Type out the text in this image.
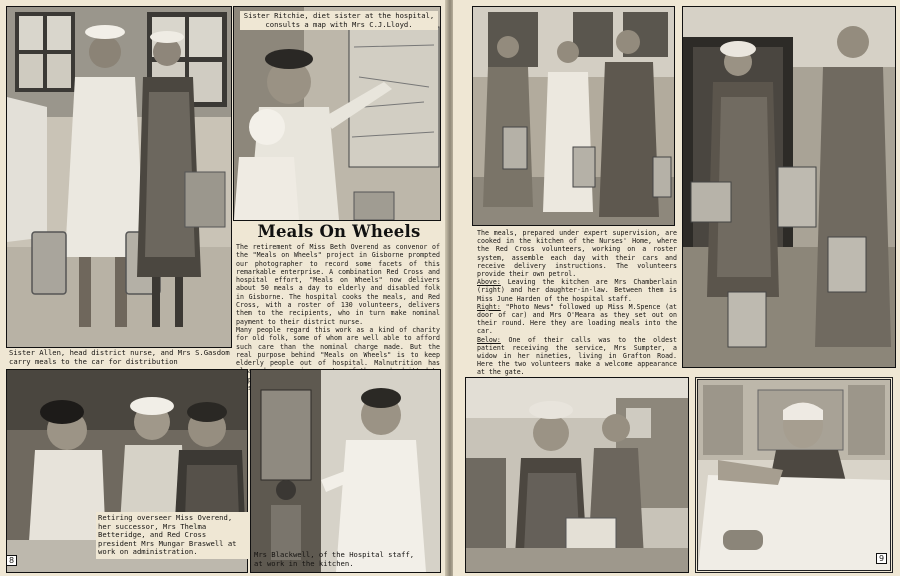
Meals On Wheels

The retirement of Miss Beth Overend as convenor of the "Meals on Wheels" project in Gisborne prompted our photographer to record some facets of this remarkable enterprise. A combination Red Cross and hospital effort, "Meals on Wheels" now delivers about 50 meals a day to elderly and disabled folk in Gisborne. The hospital cooks the meals, and Red Cross, with a roster of 130 volunteers, delivers them to the recipients, who in turn make nominal payment to their district nurse.

Many people regard this work as a kind of charity for old folk, some of whom are well able to afford such care than the nominal charge made. But the real purpose behind "Meals on Wheels" is to keep elderly people out of hospital. Malnutrition has always

Retiring overseer Miss Overend, her successor, Mrs Thelma Betteridge, and Red Cross president Mrs Mungar Braswell at work on administration.	Mrs Blackwell, of the Hospital staff, at work in the kitchen.
Sister Allen, head district nurse, and Mrs S.Gasdom carry meals to the car for distribution
Sister Ritchie, diet sister at the hospital, consults a map with Mrs C.J.Lloyd.
8

The meals, prepared under expert supervision, are cooked in the kitchen of the Nurses' Home, where the Red Cross volunteers, working on a roster system, assemble each day with their cars and receive delivery instructions. The volunteers provide their own petrol.

Above: Leaving the kitchen are Mrs Chamberlain (right) and her daughter-in-law. Between them is Miss June Harden of the hospital staff.

Right: "Photo News" followed up Miss M.Spence (at door of car) and Mrs O'Meara as they set out on their round. Here they are loading meals into the car.

Below: One of their calls was to the oldest patient receiving the service, Mrs Sumpter, a widow in her nineties, living in Grafton Road. Here the two volunteers make a welcome appearance at the gate.

9
